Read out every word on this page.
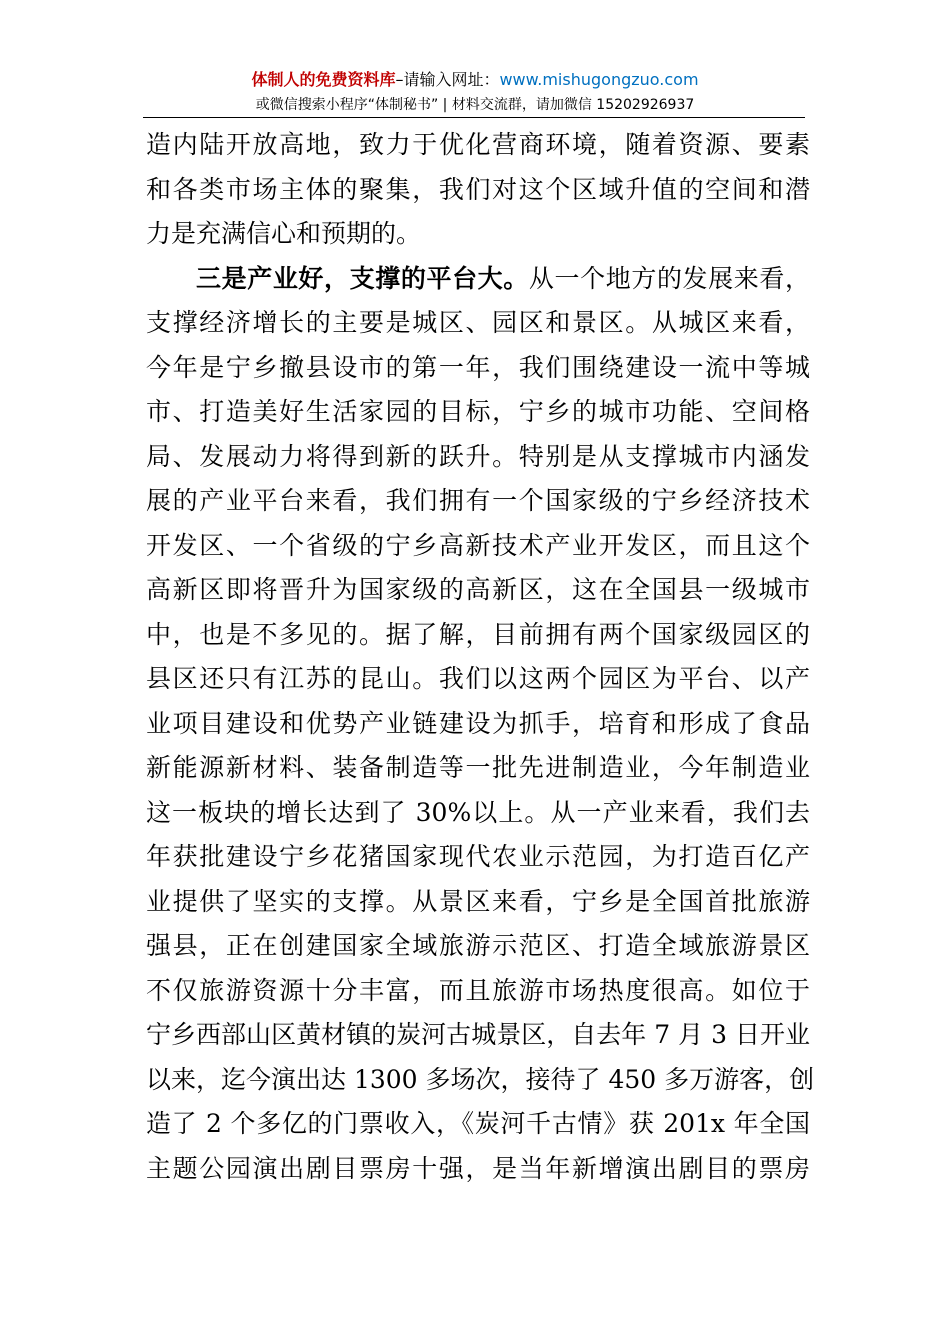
体制人的免费资料库–请输入网址：www.mishugongzuo.com
或微信搜索小程序“体制秘书” | 材料交流群，请加微信 15202926937
造内陆开放高地，致力于优化营商环境，随着资源、要素
和各类市场主体的聚集，我们对这个区域升值的空间和潜
力是充满信心和预期的。
三是产业好，支撑的平台大。从一个地方的发展来看，
支撑经济增长的主要是城区、园区和景区。从城区来看，
今年是宁乡撤县设市的第一年，我们围绕建设一流中等城
市、打造美好生活家园的目标，宁乡的城市功能、空间格
局、发展动力将得到新的跃升。特别是从支撑城市内涵发
展的产业平台来看，我们拥有一个国家级的宁乡经济技术
开发区、一个省级的宁乡高新技术产业开发区，而且这个
高新区即将晋升为国家级的高新区，这在全国县一级城市
中，也是不多见的。据了解，目前拥有两个国家级园区的
县区还只有江苏的昆山。我们以这两个园区为平台、以产
业项目建设和优势产业链建设为抓手，培育和形成了食品
新能源新材料、装备制造等一批先进制造业，今年制造业
这一板块的增长达到了 30%以上。从一产业来看，我们去
年获批建设宁乡花猪国家现代农业示范园，为打造百亿产
业提供了坚实的支撑。从景区来看，宁乡是全国首批旅游
强县，正在创建国家全域旅游示范区、打造全域旅游景区
不仅旅游资源十分丰富，而且旅游市场热度很高。如位于
宁乡西部山区黄材镇的炭河古城景区，自去年 7 月 3 日开业
以来，迄今演出达 1300 多场次，接待了 450 多万游客，创
造了 2 个多亿的门票收入，《炭河千古情》获 201x 年全国
主题公园演出剧目票房十强，是当年新增演出剧目的票房
